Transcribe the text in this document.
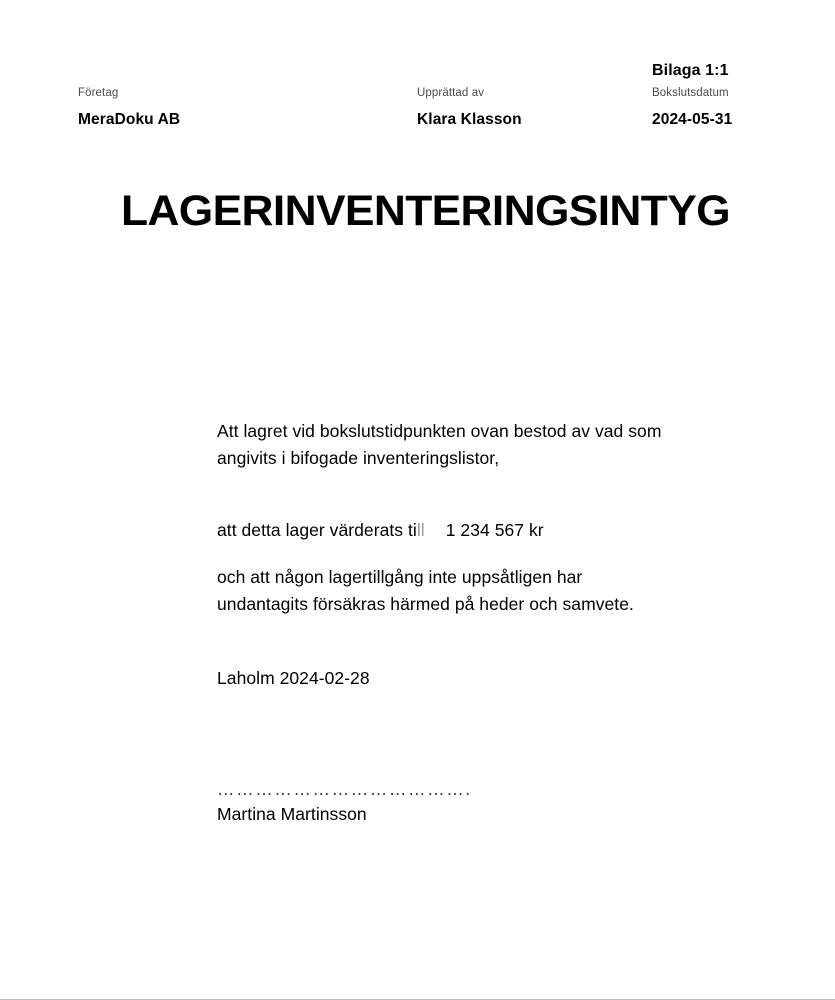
Bilaga 1:1
Företag
MeraDoku AB
Upprättad av
Klara Klasson
Bokslutsdatum
2024-05-31
LAGERINVENTERINGSINTYG

Att lagret vid bokslutstidpunkten ovan bestod av vad som angivits i bifogade inventeringslistor,

att detta lager värderats till 1 234 567 kr

och att någon lagertillgång inte uppsåtligen har undantagits försäkras härmed på heder och samvete.

Laholm 2024-02-28

………………………………….
Martina Martinsson
